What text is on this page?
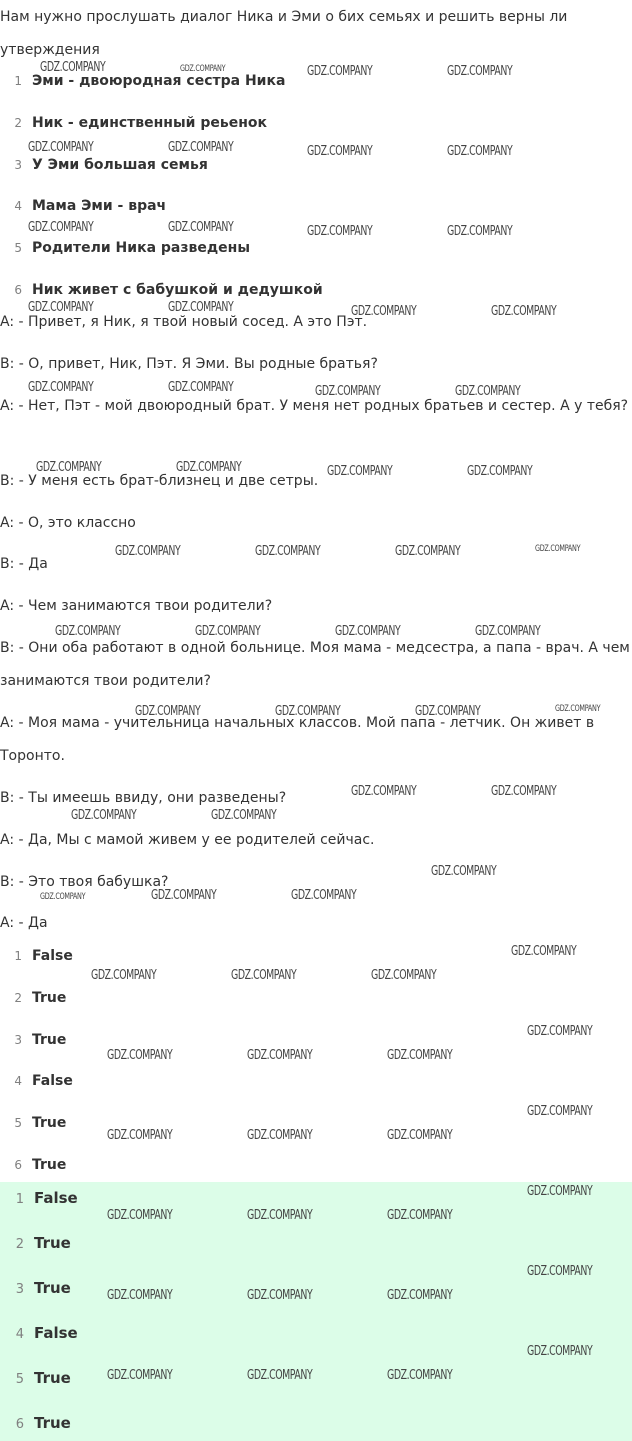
Нам нужно прослушать диалог Ника и Эми о бих семьях и решить верны ли утверждения

1 Эми - двоюродная сестра Ника
2 Ник - единственный реьенок
3 У Эми большая семья
4 Мама Эми - врач
5 Родители Ника разведены
6 Ник живет с бабушкой и дедушкой

A: - Привет, я Ник, я твой новый сосед. А это Пэт.

B: - О, привет, Ник, Пэт. Я Эми. Вы родные братья?

A: - Нет, Пэт - мой двоюродный брат. У меня нет родных братьев и сестер. А у тебя?

B: - У меня есть брат-близнец и две сетры.

A: - О, это классно

B: - Да

A: - Чем занимаются твои родители?

B: - Они оба работают в одной больнице. Моя мама - медсестра, а папа - врач. А чем занимаются твои родители?

A: - Моя мама - учительница начальных классов. Мой папа - летчик. Он живет в Торонто.

B: - Ты имеешь ввиду, они разведены?

A: - Да, Мы с мамой живем у ее родителей сейчас.

B: - Это твоя бабушка?

A: - Да

1 False
2 True
3 True
4 False
5 True
6 True
1 False
2 True
3 True
4 False
5 True
6 True
GDZ.COMPANY	GDZ.COMPANY	GDZ.COMPANY	GDZ.COMPANY
GDZ.COMPANY	GDZ.COMPANY	GDZ.COMPANY	GDZ.COMPANY
GDZ.COMPANY	GDZ.COMPANY	GDZ.COMPANY	GDZ.COMPANY
GDZ.COMPANY	GDZ.COMPANY	GDZ.COMPANY	GDZ.COMPANY
GDZ.COMPANY	GDZ.COMPANY	GDZ.COMPANY	GDZ.COMPANY
GDZ.COMPANY	GDZ.COMPANY	GDZ.COMPANY	GDZ.COMPANY
GDZ.COMPANY	GDZ.COMPANY	GDZ.COMPANY	GDZ.COMPANY
GDZ.COMPANY	GDZ.COMPANY	GDZ.COMPANY	GDZ.COMPANY
GDZ.COMPANY	GDZ.COMPANY	GDZ.COMPANY	GDZ.COMPANY
GDZ.COMPANY	GDZ.COMPANY
GDZ.COMPANY	GDZ.COMPANY
GDZ.COMPANY
GDZ.COMPANY	GDZ.COMPANY	GDZ.COMPANY
GDZ.COMPANY
GDZ.COMPANY	GDZ.COMPANY	GDZ.COMPANY
GDZ.COMPANY
GDZ.COMPANY	GDZ.COMPANY	GDZ.COMPANY
GDZ.COMPANY
GDZ.COMPANY	GDZ.COMPANY	GDZ.COMPANY
GDZ.COMPANY
GDZ.COMPANY	GDZ.COMPANY	GDZ.COMPANY
GDZ.COMPANY
GDZ.COMPANY	GDZ.COMPANY	GDZ.COMPANY
GDZ.COMPANY
GDZ.COMPANY	GDZ.COMPANY	GDZ.COMPANY
